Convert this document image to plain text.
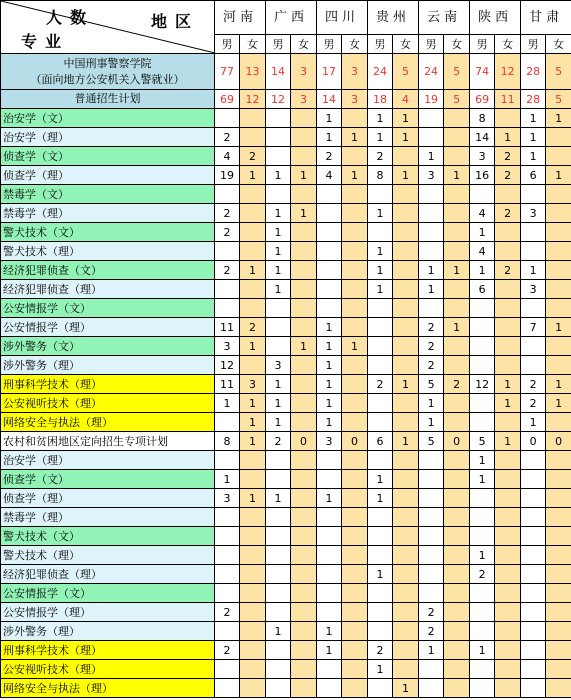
人数 地区
专业	河南		广西		四川		贵州		云南		陕西		甘肃	
	男	女	男	女	男	女	男	女	男	女	男	女	男	女

中国刑事警察学院
（面向地方公安机关入警就业）	77	13	14	3	17	3	24	5	24	5	74	12	28	5
普通招生计划	69	12	12	3	14	3	18	4	19	5	69	11	28	5
治安学（文）					1		1	1			8		1	1
治安学（理）	2				1	1	1	1			14	1	1	
侦查学（文）	4	2			2		2		1		3	2	1	
侦查学（理）	19	1	1	1	4	1	8	1	3	1	16	2	6	1
禁毒学（文）														
禁毒学（理）	2		1	1			1				4	2	3	
警犬技术（文）	2		1								1			
警犬技术（理）			1				1				4			
经济犯罪侦查（文）	2	1	1				1		1	1	1	2	1	
经济犯罪侦查（理）			1				1		1		6		3	
公安情报学（文）														
公安情报学（理）	11	2			1				2	1			7	1
涉外警务（文）	3	1		1	1	1			2					
涉外警务（理）	12		3		1				2					
刑事科学技术（理）	11	3	1		1		2	1	5	2	12	1	2	1
公安视听技术（理）	1	1	1		1				1			1	2	1
网络安全与执法（理）		1	1		1				1				1	
农村和贫困地区定向招生专项计划	8	1	2	0	3	0	6	1	5	0	5	1	0	0
治安学（理）											1			
侦查学（文）	1						1				1			
侦查学（理）	3	1	1		1		1							
禁毒学（理）														
警犬技术（文）														
警犬技术（理）											1			
经济犯罪侦查（理）							1				2			
公安情报学（文）														
公安情报学（理）	2								2					
涉外警务（理）			1		1				2					
刑事科学技术（理）	2				1		2		1		1			
公安视听技术（理）							1							
网络安全与执法（理）								1						
